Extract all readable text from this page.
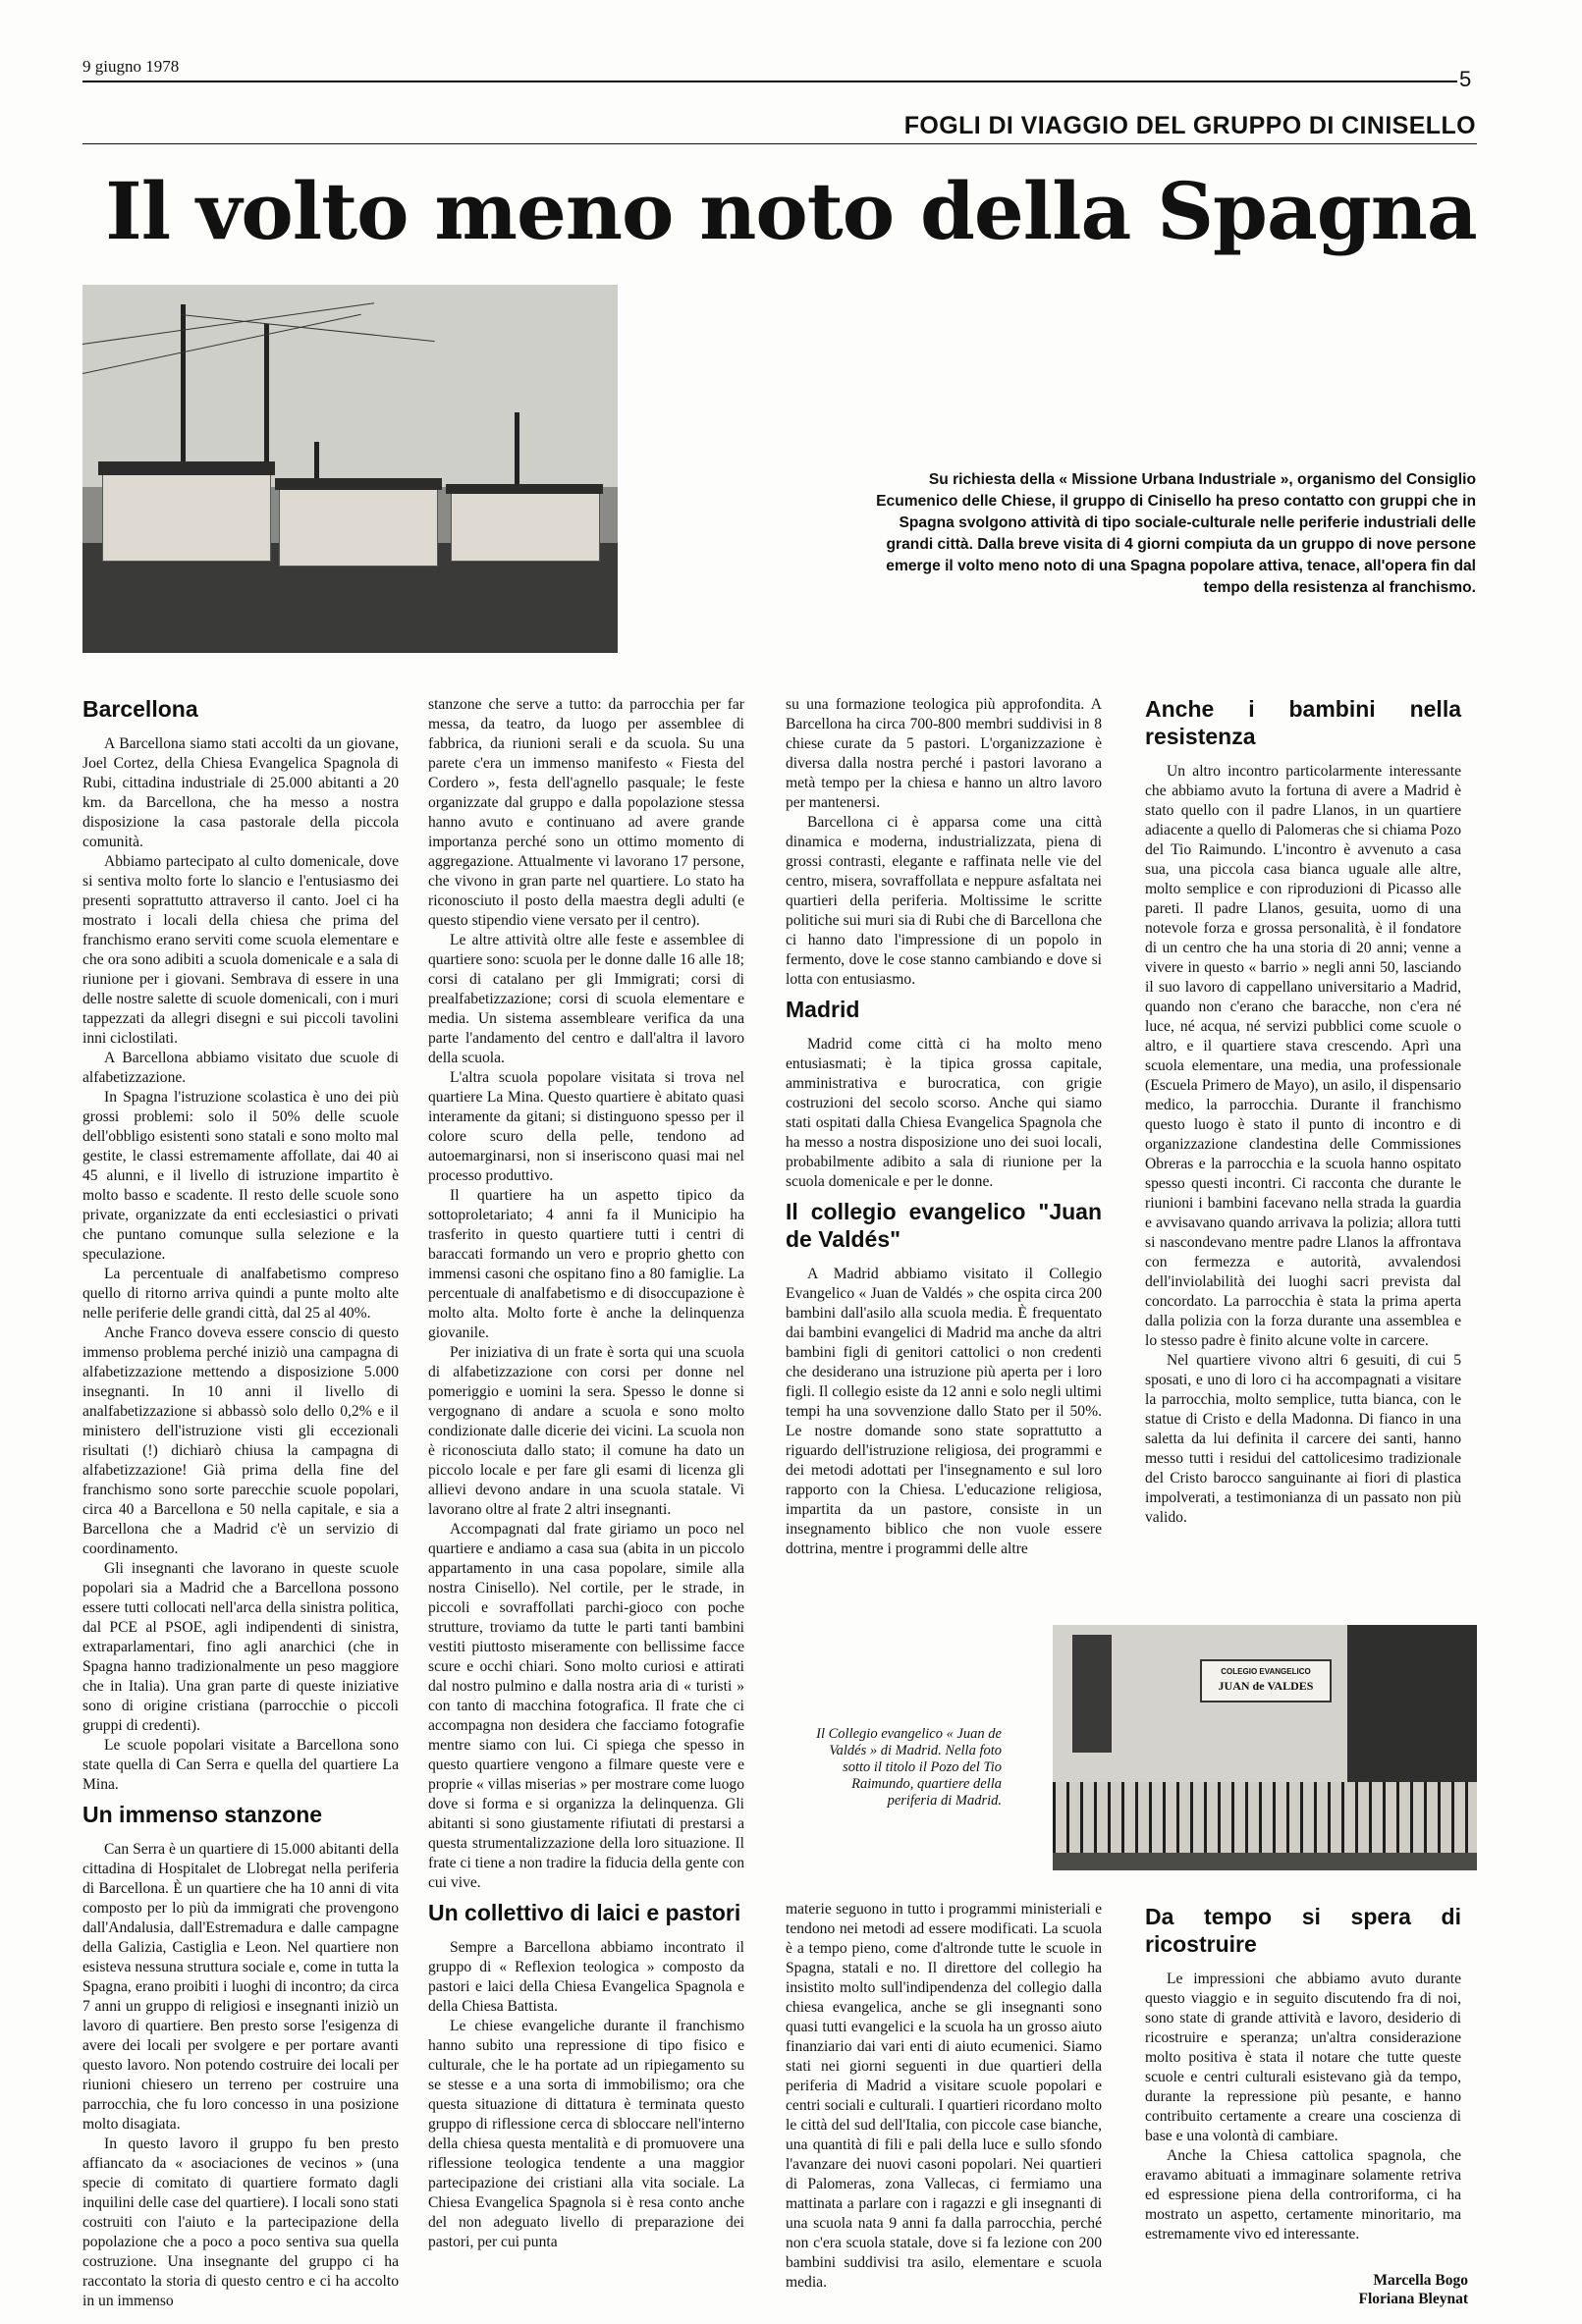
9 giugno 1978
5
FOGLI DI VIAGGIO DEL GRUPPO DI CINISELLO
Il volto meno noto della Spagna
Su richiesta della « Missione Urbana Industriale », organismo del Consiglio Ecumenico delle Chiese, il gruppo di Cinisello ha preso contatto con gruppi che in Spagna svolgono attività di tipo sociale-culturale nelle periferie industriali delle grandi città. Dalla breve visita di 4 giorni compiuta da un gruppo di nove persone emerge il volto meno noto di una Spagna popolare attiva, tenace, all'opera fin dal tempo della resistenza al franchismo.
Barcellona

A Barcellona siamo stati accolti da un giovane, Joel Cortez, della Chiesa Evangelica Spagnola di Rubi, cittadina industriale di 25.000 abitanti a 20 km. da Barcellona, che ha messo a nostra disposizione la casa pastorale della piccola comunità.

Abbiamo partecipato al culto domenicale, dove si sentiva molto forte lo slancio e l'entusiasmo dei presenti soprattutto attraverso il canto. Joel ci ha mostrato i locali della chiesa che prima del franchismo erano serviti come scuola elementare e che ora sono adibiti a scuola domenicale e a sala di riunione per i giovani. Sembrava di essere in una delle nostre salette di scuole domenicali, con i muri tappezzati da allegri disegni e sui piccoli tavolini inni ciclostilati.

A Barcellona abbiamo visitato due scuole di alfabetizzazione.

In Spagna l'istruzione scolastica è uno dei più grossi problemi: solo il 50% delle scuole dell'obbligo esistenti sono statali e sono molto mal gestite, le classi estremamente affollate, dai 40 ai 45 alunni, e il livello di istruzione impartito è molto basso e scadente. Il resto delle scuole sono private, organizzate da enti ecclesiastici o privati che puntano comunque sulla selezione e la speculazione.

La percentuale di analfabetismo compreso quello di ritorno arriva quindi a punte molto alte nelle periferie delle grandi città, dal 25 al 40%.

Anche Franco doveva essere conscio di questo immenso problema perché iniziò una campagna di alfabetizzazione mettendo a disposizione 5.000 insegnanti. In 10 anni il livello di analfabetizzazione si abbassò solo dello 0,2% e il ministero dell'istruzione visti gli eccezionali risultati (!) dichiarò chiusa la campagna di alfabetizzazione! Già prima della fine del franchismo sono sorte parecchie scuole popolari, circa 40 a Barcellona e 50 nella capitale, e sia a Barcellona che a Madrid c'è un servizio di coordinamento.

Gli insegnanti che lavorano in queste scuole popolari sia a Madrid che a Barcellona possono essere tutti collocati nell'arca della sinistra politica, dal PCE al PSOE, agli indipendenti di sinistra, extraparlamentari, fino agli anarchici (che in Spagna hanno tradizionalmente un peso maggiore che in Italia). Una gran parte di queste iniziative sono di origine cristiana (parrocchie o piccoli gruppi di credenti).

Le scuole popolari visitate a Barcellona sono state quella di Can Serra e quella del quartiere La Mina.

Un immenso stanzone

Can Serra è un quartiere di 15.000 abitanti della cittadina di Hospitalet de Llobregat nella periferia di Barcellona. È un quartiere che ha 10 anni di vita composto per lo più da immigrati che provengono dall'Andalusia, dall'Estremadura e dalle campagne della Galizia, Castiglia e Leon. Nel quartiere non esisteva nessuna struttura sociale e, come in tutta la Spagna, erano proibiti i luoghi di incontro; da circa 7 anni un gruppo di religiosi e insegnanti iniziò un lavoro di quartiere. Ben presto sorse l'esigenza di avere dei locali per svolgere e per portare avanti questo lavoro. Non potendo costruire dei locali per riunioni chiesero un terreno per costruire una parrocchia, che fu loro concesso in una posizione molto disagiata.

In questo lavoro il gruppo fu ben presto affiancato da « asociaciones de vecinos » (una specie di comitato di quartiere formato dagli inquilini delle case del quartiere). I locali sono stati costruiti con l'aiuto e la partecipazione della popolazione che a poco a poco sentiva sua quella costruzione. Una insegnante del gruppo ci ha raccontato la storia di questo centro e ci ha accolto in un immenso

stanzone che serve a tutto: da parrocchia per far messa, da teatro, da luogo per assemblee di fabbrica, da riunioni serali e da scuola. Su una parete c'era un immenso manifesto « Fiesta del Cordero », festa dell'agnello pasquale; le feste organizzate dal gruppo e dalla popolazione stessa hanno avuto e continuano ad avere grande importanza perché sono un ottimo momento di aggregazione. Attualmente vi lavorano 17 persone, che vivono in gran parte nel quartiere. Lo stato ha riconosciuto il posto della maestra degli adulti (e questo stipendio viene versato per il centro).

Le altre attività oltre alle feste e assemblee di quartiere sono: scuola per le donne dalle 16 alle 18; corsi di catalano per gli Immigrati; corsi di prealfabetizzazione; corsi di scuola elementare e media. Un sistema assembleare verifica da una parte l'andamento del centro e dall'altra il lavoro della scuola.

L'altra scuola popolare visitata si trova nel quartiere La Mina. Questo quartiere è abitato quasi interamente da gitani; si distinguono spesso per il colore scuro della pelle, tendono ad autoemarginarsi, non si inseriscono quasi mai nel processo produttivo.

Il quartiere ha un aspetto tipico da sottoproletariato; 4 anni fa il Municipio ha trasferito in questo quartiere tutti i centri di baraccati formando un vero e proprio ghetto con immensi casoni che ospitano fino a 80 famiglie. La percentuale di analfabetismo e di disoccupazione è molto alta. Molto forte è anche la delinquenza giovanile.

Per iniziativa di un frate è sorta qui una scuola di alfabetizzazione con corsi per donne nel pomeriggio e uomini la sera. Spesso le donne si vergognano di andare a scuola e sono molto condizionate dalle dicerie dei vicini. La scuola non è riconosciuta dallo stato; il comune ha dato un piccolo locale e per fare gli esami di licenza gli allievi devono andare in una scuola statale. Vi lavorano oltre al frate 2 altri insegnanti.

Accompagnati dal frate giriamo un poco nel quartiere e andiamo a casa sua (abita in un piccolo appartamento in una casa popolare, simile alla nostra Cinisello). Nel cortile, per le strade, in piccoli e sovraffollati parchi-gioco con poche strutture, troviamo da tutte le parti tanti bambini vestiti piuttosto miseramente con bellissime facce scure e occhi chiari. Sono molto curiosi e attirati dal nostro pulmino e dalla nostra aria di « turisti » con tanto di macchina fotografica. Il frate che ci accompagna non desidera che facciamo fotografie mentre siamo con lui. Ci spiega che spesso in questo quartiere vengono a filmare queste vere e proprie « villas miserias » per mostrare come luogo dove si forma e si organizza la delinquenza. Gli abitanti si sono giustamente rifiutati di prestarsi a questa strumentalizzazione della loro situazione. Il frate ci tiene a non tradire la fiducia della gente con cui vive.

Un collettivo di laici e pastori

Sempre a Barcellona abbiamo incontrato il gruppo di « Reflexion teologica » composto da pastori e laici della Chiesa Evangelica Spagnola e della Chiesa Battista.

Le chiese evangeliche durante il franchismo hanno subito una repressione di tipo fisico e culturale, che le ha portate ad un ripiegamento su se stesse e a una sorta di immobilismo; ora che questa situazione di dittatura è terminata questo gruppo di riflessione cerca di sbloccare nell'interno della chiesa questa mentalità e di promuovere una riflessione teologica tendente a una maggior partecipazione dei cristiani alla vita sociale. La Chiesa Evangelica Spagnola si è resa conto anche del non adeguato livello di preparazione dei pastori, per cui punta

su una formazione teologica più approfondita. A Barcellona ha circa 700-800 membri suddivisi in 8 chiese curate da 5 pastori. L'organizzazione è diversa dalla nostra perché i pastori lavorano a metà tempo per la chiesa e hanno un altro lavoro per mantenersi.

Barcellona ci è apparsa come una città dinamica e moderna, industrializzata, piena di grossi contrasti, elegante e raffinata nelle vie del centro, misera, sovraffollata e neppure asfaltata nei quartieri della periferia. Moltissime le scritte politiche sui muri sia di Rubi che di Barcellona che ci hanno dato l'impressione di un popolo in fermento, dove le cose stanno cambiando e dove si lotta con entusiasmo.

Madrid

Madrid come città ci ha molto meno entusiasmati; è la tipica grossa capitale, amministrativa e burocratica, con grigie costruzioni del secolo scorso. Anche qui siamo stati ospitati dalla Chiesa Evangelica Spagnola che ha messo a nostra disposizione uno dei suoi locali, probabilmente adibito a sala di riunione per la scuola domenicale e per le donne.

Il collegio evangelico "Juan de Valdés"

A Madrid abbiamo visitato il Collegio Evangelico « Juan de Valdés » che ospita circa 200 bambini dall'asilo alla scuola media. È frequentato dai bambini evangelici di Madrid ma anche da altri bambini figli di genitori cattolici o non credenti che desiderano una istruzione più aperta per i loro figli. Il collegio esiste da 12 anni e solo negli ultimi tempi ha una sovvenzione dallo Stato per il 50%. Le nostre domande sono state soprattutto a riguardo dell'istruzione religiosa, dei programmi e dei metodi adottati per l'insegnamento e sul loro rapporto con la Chiesa. L'educazione religiosa, impartita da un pastore, consiste in un insegnamento biblico che non vuole essere dottrina, mentre i programmi delle altre

materie seguono in tutto i programmi ministeriali e tendono nei metodi ad essere modificati. La scuola è a tempo pieno, come d'altronde tutte le scuole in Spagna, statali e no. Il direttore del collegio ha insistito molto sull'indipendenza del collegio dalla chiesa evangelica, anche se gli insegnanti sono quasi tutti evangelici e la scuola ha un grosso aiuto finanziario dai vari enti di aiuto ecumenici. Siamo stati nei giorni seguenti in due quartieri della periferia di Madrid a visitare scuole popolari e centri sociali e culturali. I quartieri ricordano molto le città del sud dell'Italia, con piccole case bianche, una quantità di fili e pali della luce e sullo sfondo l'avanzare dei nuovi casoni popolari. Nei quartieri di Palomeras, zona Vallecas, ci fermiamo una mattinata a parlare con i ragazzi e gli insegnanti di una scuola nata 9 anni fa dalla parrocchia, perché non c'era scuola statale, dove si fa lezione con 200 bambini suddivisi tra asilo, elementare e scuola media.

Anche i bambini nella resistenza

Un altro incontro particolarmente interessante che abbiamo avuto la fortuna di avere a Madrid è stato quello con il padre Llanos, in un quartiere adiacente a quello di Palomeras che si chiama Pozo del Tio Raimundo. L'incontro è avvenuto a casa sua, una piccola casa bianca uguale alle altre, molto semplice e con riproduzioni di Picasso alle pareti. Il padre Llanos, gesuita, uomo di una notevole forza e grossa personalità, è il fondatore di un centro che ha una storia di 20 anni; venne a vivere in questo « barrio » negli anni 50, lasciando il suo lavoro di cappellano universitario a Madrid, quando non c'erano che baracche, non c'era né luce, né acqua, né servizi pubblici come scuole o altro, e il quartiere stava crescendo. Aprì una scuola elementare, una media, una professionale (Escuela Primero de Mayo), un asilo, il dispensario medico, la parrocchia. Durante il franchismo questo luogo è stato il punto di incontro e di organizzazione clandestina delle Commissiones Obreras e la parrocchia e la scuola hanno ospitato spesso questi incontri. Ci racconta che durante le riunioni i bambini facevano nella strada la guardia e avvisavano quando arrivava la polizia; allora tutti si nascondevano mentre padre Llanos la affrontava con fermezza e autorità, avvalendosi dell'inviolabilità dei luoghi sacri prevista dal concordato. La parrocchia è stata la prima aperta dalla polizia con la forza durante una assemblea e lo stesso padre è finito alcune volte in carcere.

Nel quartiere vivono altri 6 gesuiti, di cui 5 sposati, e uno di loro ci ha accompagnati a visitare la parrocchia, molto semplice, tutta bianca, con le statue di Cristo e della Madonna. Di fianco in una saletta da lui definita il carcere dei santi, hanno messo tutti i residui del cattolicesimo tradizionale del Cristo barocco sanguinante ai fiori di plastica impolverati, a testimonianza di un passato non più valido.

COLEGIO EVANGELICO
JUAN de VALDES
Il Collegio evangelico « Juan de Valdés » di Madrid. Nella foto sotto il titolo il Pozo del Tio Raimundo, quartiere della periferia di Madrid.
Da tempo si spera di ricostruire

Le impressioni che abbiamo avuto durante questo viaggio e in seguito discutendo fra di noi, sono state di grande attività e lavoro, desiderio di ricostruire e speranza; un'altra considerazione molto positiva è stata il notare che tutte queste scuole e centri culturali esistevano già da tempo, durante la repressione più pesante, e hanno contribuito certamente a creare una coscienza di base e una volontà di cambiare.

Anche la Chiesa cattolica spagnola, che eravamo abituati a immaginare solamente retriva ed espressione piena della controriforma, ci ha mostrato un aspetto, certamente minoritario, ma estremamente vivo ed interessante.

Marcella Bogo
Floriana Bleynat
